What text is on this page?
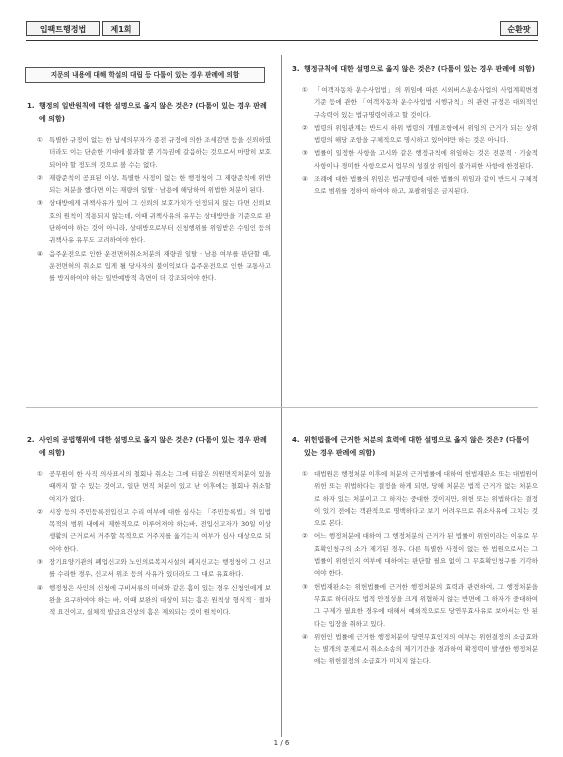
입팩트행정법	제1회	순환팟
지문의 내용에 대해 학설의 대립 등 다툼이 있는 경우 판례에 의함
1. 행정의 일반원칙에 대한 설명으로 옳지 않은 것은? (다툼이 있는 경우 판례에 의함)
① 특별한 규정이 없는 한 납세의무자가 종전 규정에 의한 조세감면 등을 신뢰하였더라도 이는 단순한 기대에 불과할 뿐 기득권에 갈음하는 것으로서 마땅히 보호되어야 할 정도의 것으로 볼 수는 없다.
② 재량준칙이 공표된 이상, 특별한 사정이 없는 한 행정청이 그 재량준칙에 위반되는 처분을 했다면 이는 재량의 일탈 · 남용에 해당하여 위법한 처분이 된다.
③ 상대방에게 귀책사유가 있어 그 신뢰의 보호가치가 인정되지 않는 다면 신뢰보호의 원칙이 적용되지 않는데, 이때 귀책사유의 유무는 상대방만을 기준으로 판단하여야 하는 것이 아니라, 상대방으로부터 신청행위를 위임받은 수임인 등의 귀책사유 유무도 고려하여야 한다.
④ 음주운전으로 인한 운전면허취소처분의 재량권 일탈 · 남용 여부를 판단할 때, 운전면허의 취소로 입게 될 당사자의 불이익보다 음주운전으로 인한 교통사고를 방지하여야 하는 일반예방적 측면이 더 강조되어야 한다.
2. 사인의 공법행위에 대한 설명으로 옳지 않은 것은? (다툼이 있는 경우 판례에 의함)
① 공무원이 한 사직 의사표시의 철회나 취소는 그에 터잡은 의원면직처분이 있을 때까지 할 수 있는 것이고, 일단 면직 처분이 있고 난 이후에는 철회나 취소할 여지가 없다.
② 시장 등의 주민등록전입신고 수리 여부에 대한 심사는 「주민등록법」의 입법 목적의 범위 내에서 제한적으로 이루어져야 하는바, 전입신고자가 30일 이상 생활의 근거로서 거주할 목적으로 거주지를 옮기는지 여부가 심사 대상으로 되어야 한다.
③ 장기요양기관의 폐업신고와 노인의료복지시설의 폐지신고는 행정청이 그 신고를 수리한 경우, 신고서 위조 등의 사유가 있더라도 그 대로 유효하다.
④ 행정청은 사인의 신청에 구비서류의 미비와 같은 흠이 있는 경우 신청인에게 보완을 요구하여야 하는 바, 이때 보완의 대상이 되는 흠은 원칙상 형식적 · 절차적 요건이고, 실체적 발급요건상의 흠은 제외되는 것이 원칙이다.
3. 행정규칙에 대한 설명으로 옳지 않은 것은? (다툼이 있는 경우 판례에 의함)
① 「여객자동차 운수사업법」의 위임에 따른 시외버스운송사업의 사업계획변경 기준 등에 관한 「여객자동차 운수사업법 시행규칙」의 관련 규정은 대외적인 구속력이 있는 법규명령이라고 할 것이다.
② 법령의 위임관계는 반드시 하위 법령의 개별조항에서 위임의 근거가 되는 상위 법령의 해당 조항을 구체적으로 명시하고 있어야만 하는 것은 아니다.
③ 법률이 일정한 사항을 고시와 같은 행정규칙에 위임하는 것은 전문적 · 기술적 사항이나 경미한 사항으로서 업무의 성질상 위임이 불가피한 사항에 한정된다.
④ 조례에 대한 법률의 위임은 법규명령에 대한 법률의 위임과 같이 반드시 구체적으로 범위를 정하여 하여야 하고, 포괄위임은 금지된다.
4. 위헌법률에 근거한 처분의 효력에 대한 설명으로 옳지 않은 것은? (다툼이 있는 경우 판례에 의함)
① 대법원은 행정처분 이후에 처분의 근거법률에 대하여 헌법재판소 또는 대법원이 위헌 또는 위법하다는 결정을 하게 되면, 당해 처분은 법적 근거가 없는 처분으로 하자 있는 처분이고 그 하자는 중대한 것이지만, 위헌 또는 위법하다는 결정이 있기 전에는 객관적으로 명백하다고 보기 어려우므로 취소사유에 그치는 것으로 본다.
② 어느 행정처분에 대하여 그 행정처분의 근거가 된 법률이 위헌이라는 이유로 무효확인청구의 소가 제기된 경우, 다른 특별한 사정이 없는 한 법원으로서는 그 법률이 위헌인지 여부에 대하여는 판단할 필요 없이 그 무효확인청구를 기각하여야 한다.
③ 헌법재판소는 위헌법률에 근거한 행정처분의 효력과 관련하여, 그 행정처분을 무효로 하더라도 법적 안정성을 크게 위협하지 않는 반면에 그 하자가 중대하여 그 구제가 필요한 경우에 대해서 예외적으로도 당연무효사유로 보아서는 안 된다는 입장을 취하고 있다.
④ 위헌인 법률에 근거한 행정처분이 당연무효인지의 여부는 위헌결정의 소급효와는 별개의 문제로서 취소소송의 제기기간을 경과하여 확정력이 발생한 행정처분에는 위헌결정의 소급효가 미치지 않는다.
1 / 6
